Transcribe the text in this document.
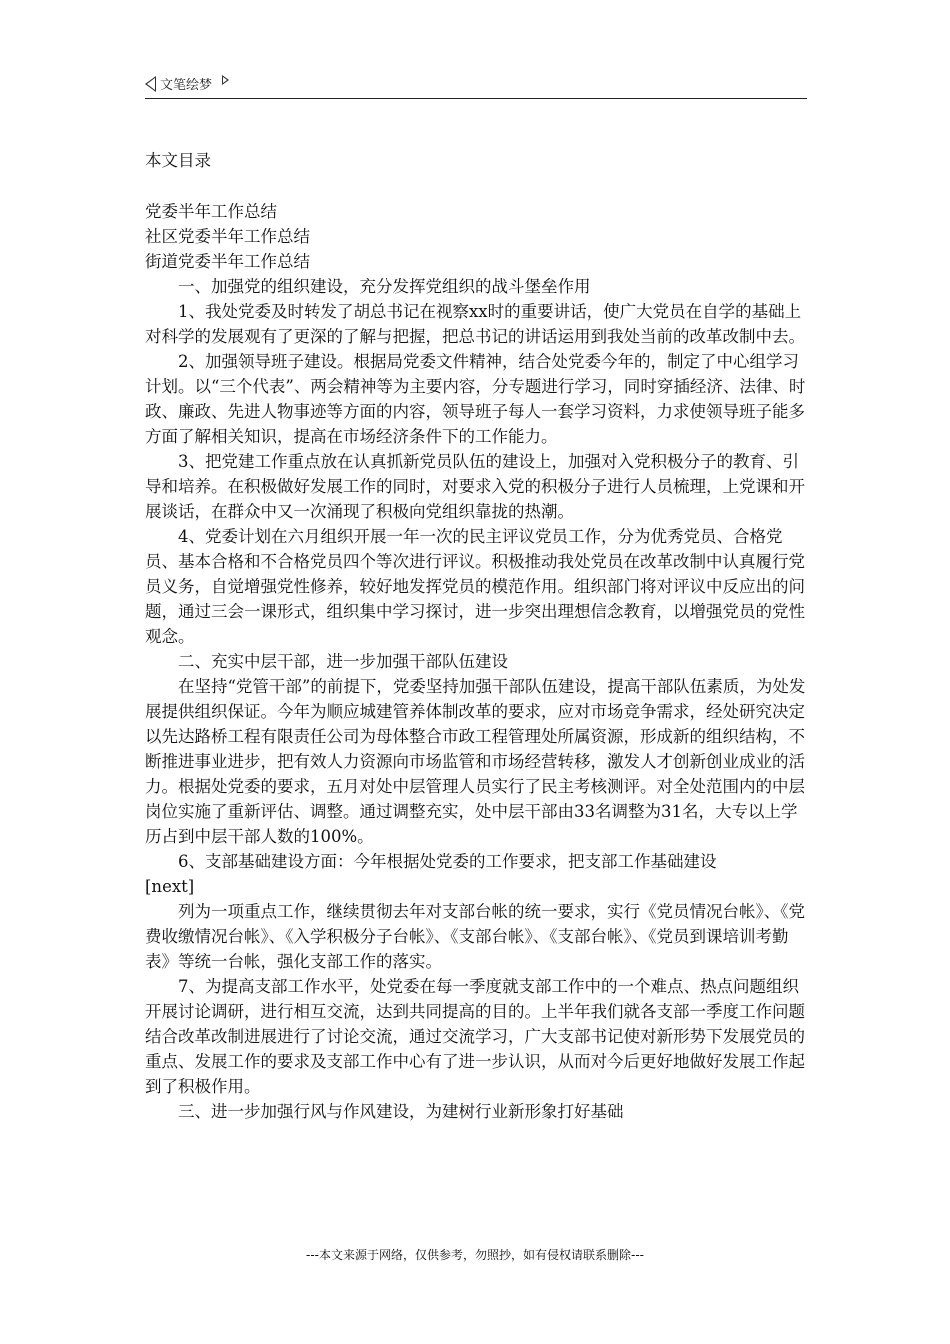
文笔绘梦

本文目录

党委半年工作总结

社区党委半年工作总结

街道党委半年工作总结

一、加强党的组织建设，充分发挥党组织的战斗堡垒作用

1、我处党委及时转发了胡总书记在视察xx时的重要讲话，使广大党员在自学的基础上对科学的发展观有了更深的了解与把握，把总书记的讲话运用到我处当前的改革改制中去。

2、加强领导班子建设。根据局党委文件精神，结合处党委今年的，制定了中心组学习计划。以“三个代表”、两会精神等为主要内容，分专题进行学习，同时穿插经济、法律、时政、廉政、先进人物事迹等方面的内容，领导班子每人一套学习资料，力求使领导班子能多方面了解相关知识，提高在市场经济条件下的工作能力。

3、把党建工作重点放在认真抓新党员队伍的建设上，加强对入党积极分子的教育、引导和培养。在积极做好发展工作的同时，对要求入党的积极分子进行人员梳理，上党课和开展谈话，在群众中又一次涌现了积极向党组织靠拢的热潮。

4、党委计划在六月组织开展一年一次的民主评议党员工作，分为优秀党员、合格党员、基本合格和不合格党员四个等次进行评议。积极推动我处党员在改革改制中认真履行党员义务，自觉增强党性修养，较好地发挥党员的模范作用。组织部门将对评议中反应出的问题，通过三会一课形式，组织集中学习探讨，进一步突出理想信念教育，以增强党员的党性观念。

二、充实中层干部，进一步加强干部队伍建设

在坚持“党管干部”的前提下，党委坚持加强干部队伍建设，提高干部队伍素质，为处发展提供组织保证。今年为顺应城建管养体制改革的要求，应对市场竞争需求，经处研究决定以先达路桥工程有限责任公司为母体整合市政工程管理处所属资源，形成新的组织结构，不断推进事业进步，把有效人力资源向市场监管和市场经营转移，激发人才创新创业成业的活力。根据处党委的要求，五月对处中层管理人员实行了民主考核测评。对全处范围内的中层岗位实施了重新评估、调整。通过调整充实，处中层干部由33名调整为31名，大专以上学历占到中层干部人数的100%。

6、支部基础建设方面：今年根据处党委的工作要求，把支部工作基础建设

[next]

列为一项重点工作，继续贯彻去年对支部台帐的统一要求，实行《党员情况台帐》、《党费收缴情况台帐》、《入学积极分子台帐》、《支部台帐》、《支部台帐》、《党员到课培训考勤表》等统一台帐，强化支部工作的落实。

7、为提高支部工作水平，处党委在每一季度就支部工作中的一个难点、热点问题组织开展讨论调研，进行相互交流，达到共同提高的目的。上半年我们就各支部一季度工作问题结合改革改制进展进行了讨论交流，通过交流学习，广大支部书记使对新形势下发展党员的重点、发展工作的要求及支部工作中心有了进一步认识，从而对今后更好地做好发展工作起到了积极作用。

三、进一步加强行风与作风建设，为建树行业新形象打好基础

---本文来源于网络，仅供参考，勿照抄，如有侵权请联系删除---
